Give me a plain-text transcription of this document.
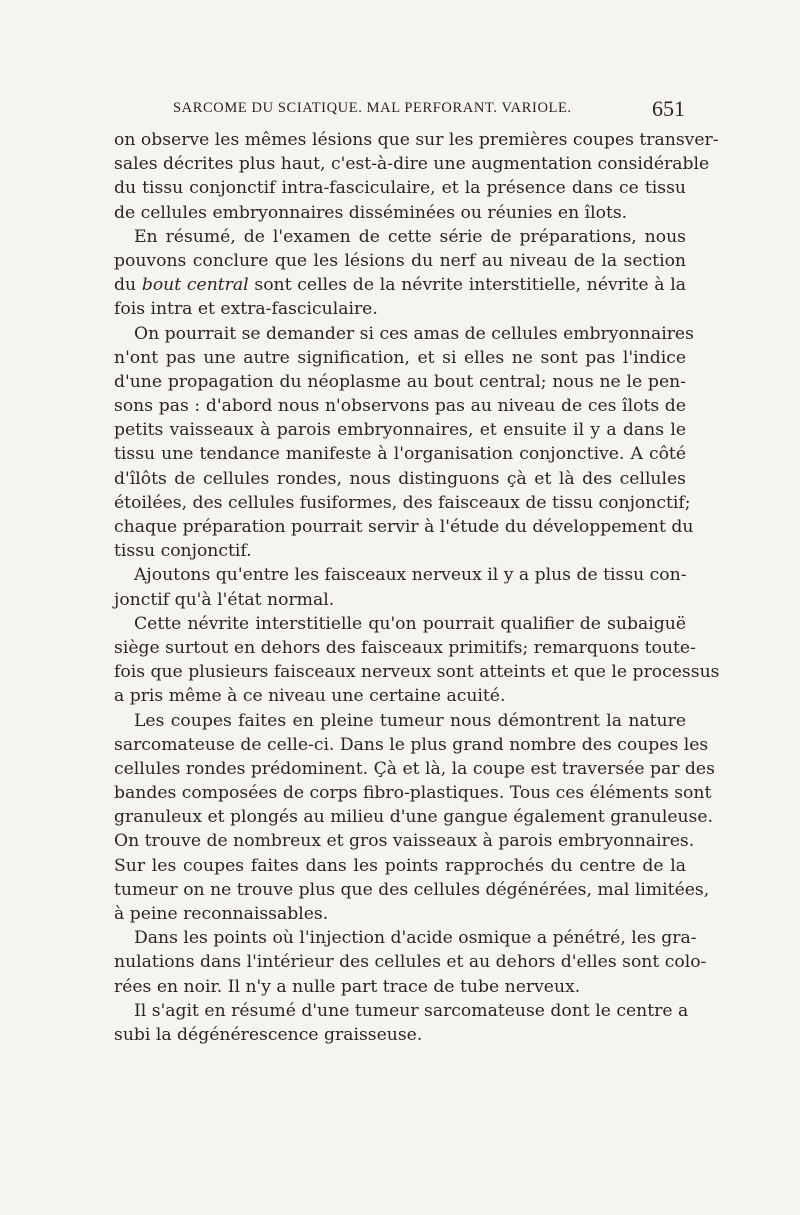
SARCOME DU SCIATIQUE. MAL PERFORANT. VARIOLE.	651
on observe les mêmes lésions que sur les premières coupes transver-
sales décrites plus haut, c'est-à-dire une augmentation considérable
du tissu conjonctif intra-fasciculaire, et la présence dans ce tissu
de cellules embryonnaires disséminées ou réunies en îlots.
En résumé, de l'examen de cette série de préparations, nous
pouvons conclure que les lésions du nerf au niveau de la section
du bout central sont celles de la névrite interstitielle, névrite à la
fois intra et extra-fasciculaire.
On pourrait se demander si ces amas de cellules embryonnaires
n'ont pas une autre signification, et si elles ne sont pas l'indice
d'une propagation du néoplasme au bout central; nous ne le pen-
sons pas : d'abord nous n'observons pas au niveau de ces îlots de
petits vaisseaux à parois embryonnaires, et ensuite il y a dans le
tissu une tendance manifeste à l'organisation conjonctive. A côté
d'îlôts de cellules rondes, nous distinguons çà et là des cellules
étoilées, des cellules fusiformes, des faisceaux de tissu conjonctif;
chaque préparation pourrait servir à l'étude du développement du
tissu conjonctif.
Ajoutons qu'entre les faisceaux nerveux il y a plus de tissu con-
jonctif qu'à l'état normal.
Cette névrite interstitielle qu'on pourrait qualifier de subaiguë
siège surtout en dehors des faisceaux primitifs; remarquons toute-
fois que plusieurs faisceaux nerveux sont atteints et que le processus
a pris même à ce niveau une certaine acuité.
Les coupes faites en pleine tumeur nous démontrent la nature
sarcomateuse de celle-ci. Dans le plus grand nombre des coupes les
cellules rondes prédominent. Çà et là, la coupe est traversée par des
bandes composées de corps fibro-plastiques. Tous ces éléments sont
granuleux et plongés au milieu d'une gangue également granuleuse.
On trouve de nombreux et gros vaisseaux à parois embryonnaires.
Sur les coupes faites dans les points rapprochés du centre de la
tumeur on ne trouve plus que des cellules dégénérées, mal limitées,
à peine reconnaissables.
Dans les points où l'injection d'acide osmique a pénétré, les gra-
nulations dans l'intérieur des cellules et au dehors d'elles sont colo-
rées en noir. Il n'y a nulle part trace de tube nerveux.
Il s'agit en résumé d'une tumeur sarcomateuse dont le centre a
subi la dégénérescence graisseuse.
